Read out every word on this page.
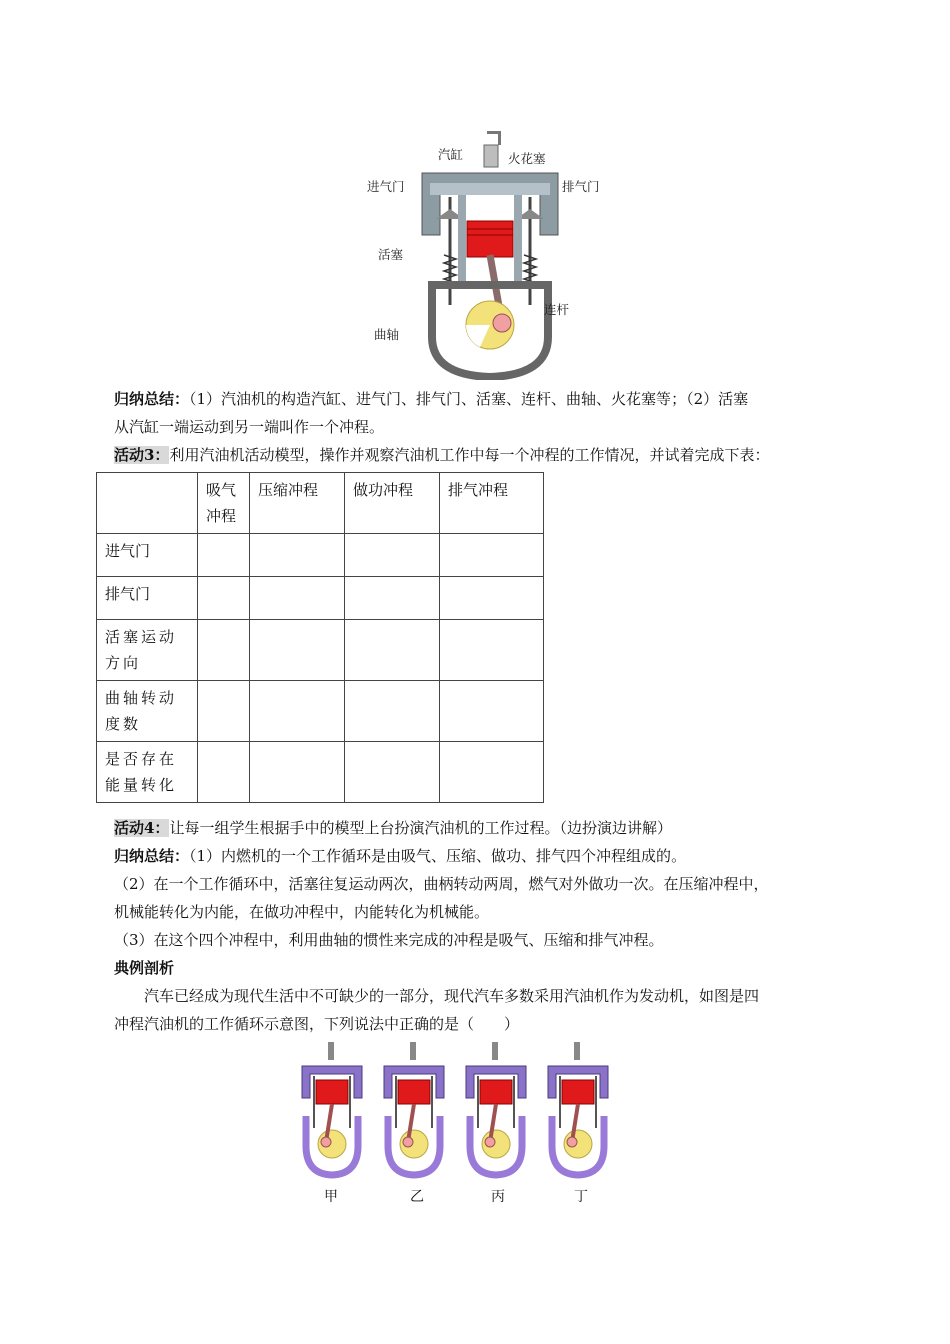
汽缸	火花塞
进气门	排气门
活塞
连杆
曲轴
归纳总结：（1）汽油机的构造汽缸、进气门、排气门、活塞、连杆、曲轴、火花塞等；（2）活塞
从汽缸一端运动到另一端叫作一个冲程。
活动3：利用汽油机活动模型，操作并观察汽油机工作中每一个冲程的工作情况，并试着完成下表：
	吸气冲程	压缩冲程	做功冲程	排气冲程
进气门				
排气门				
活塞运动方向				
曲轴转动度数				
是否存在能量转化				
活动4：让每一组学生根据手中的模型上台扮演汽油机的工作过程。（边扮演边讲解）
归纳总结：（1）内燃机的一个工作循环是由吸气、压缩、做功、排气四个冲程组成的。
（2）在一个工作循环中，活塞往复运动两次，曲柄转动两周，燃气对外做功一次。在压缩冲程中，
机械能转化为内能，在做功冲程中，内能转化为机械能。
（3）在这个四个冲程中，利用曲轴的惯性来完成的冲程是吸气、压缩和排气冲程。
典例剖析
汽车已经成为现代生活中不可缺少的一部分，现代汽车多数采用汽油机作为发动机，如图是四
冲程汽油机的工作循环示意图，下列说法中正确的是（　　）
甲	乙	丙	丁
